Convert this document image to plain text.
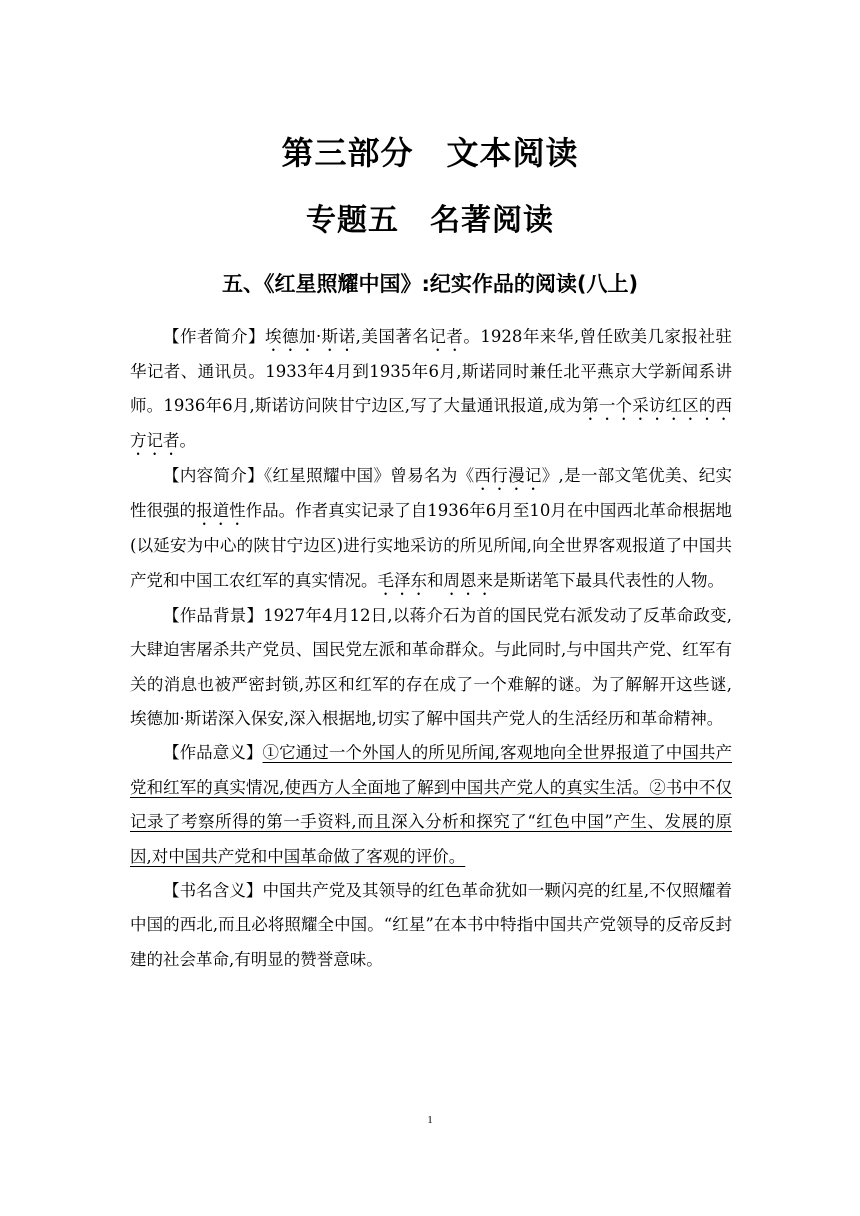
第三部分　文本阅读
专题五　名著阅读
五、《红星照耀中国》:纪实作品的阅读(八上)

【作者简介】埃德加·斯诺,美国著名记者。1928年来华,曾任欧美几家报社驻华记者、通讯员。1933年4月到1935年6月,斯诺同时兼任北平燕京大学新闻系讲师。1936年6月,斯诺访问陕甘宁边区,写了大量通讯报道,成为第一个采访红区的西方记者。

【内容简介】《红星照耀中国》曾易名为《西行漫记》,是一部文笔优美、纪实性很强的报道性作品。作者真实记录了自1936年6月至10月在中国西北革命根据地(以延安为中心的陕甘宁边区)进行实地采访的所见所闻,向全世界客观报道了中国共产党和中国工农红军的真实情况。毛泽东和周恩来是斯诺笔下最具代表性的人物。

【作品背景】1927年4月12日,以蒋介石为首的国民党右派发动了反革命政变,大肆迫害屠杀共产党员、国民党左派和革命群众。与此同时,与中国共产党、红军有关的消息也被严密封锁,苏区和红军的存在成了一个难解的谜。为了解解开这些谜,埃德加·斯诺深入保安,深入根据地,切实了解中国共产党人的生活经历和革命精神。

【作品意义】①它通过一个外国人的所见所闻,客观地向全世界报道了中国共产党和红军的真实情况,使西方人全面地了解到中国共产党人的真实生活。②书中不仅记录了考察所得的第一手资料,而且深入分析和探究了“红色中国”产生、发展的原因,对中国共产党和中国革命做了客观的评价。

【书名含义】中国共产党及其领导的红色革命犹如一颗闪亮的红星,不仅照耀着中国的西北,而且必将照耀全中国。“红星”在本书中特指中国共产党领导的反帝反封建的社会革命,有明显的赞誉意味。

1
